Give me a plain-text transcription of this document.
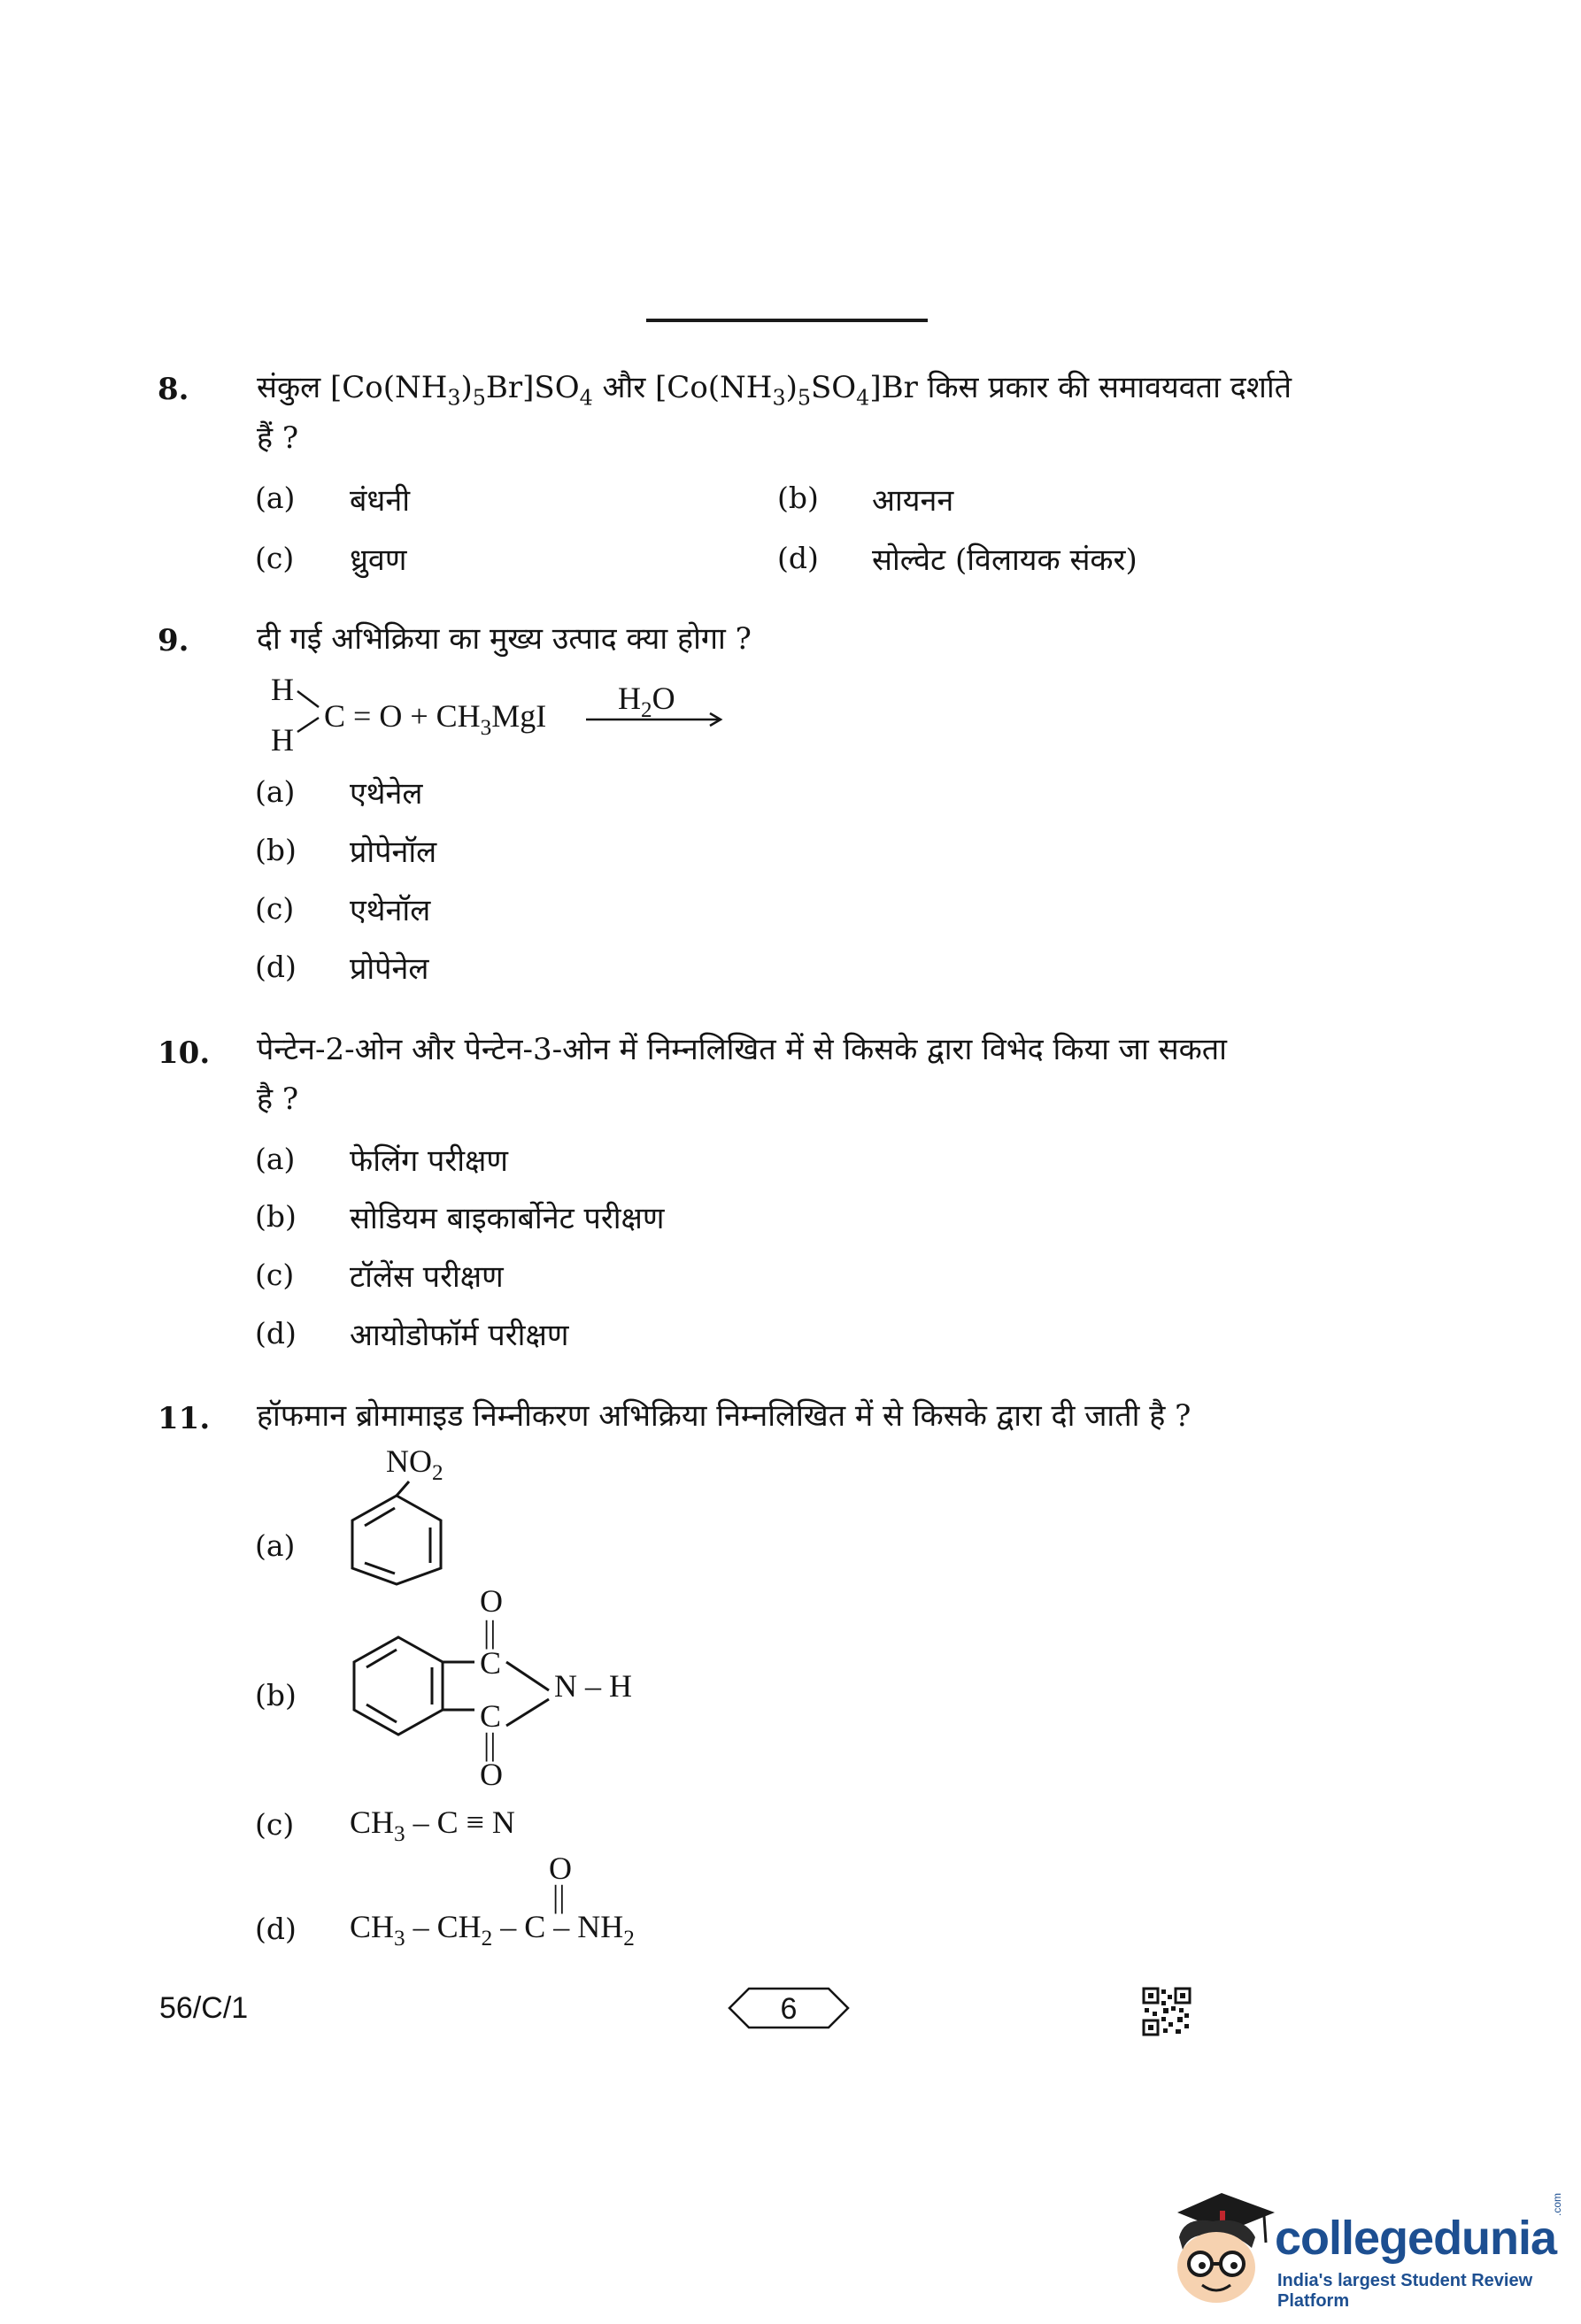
8. संकुल $[Co(NH_3)_5Br]SO_4$ और $[Co(NH_3)_5SO_4]Br$ किस प्रकार की समावयवता दर्शाते
हैं ?
(a) बंधनी	(b) आयनन
(c) ध्रुवण	(d) सोल्वेट (विलायक संकर)
9. दी गई अभिक्रिया का मुख्य उत्पाद क्या होगा ?
H
H
$C = O + CH_3MgI$ $H_2O$
(a) एथेनेल
(b) प्रोपेनॉल
(c) एथेनॉल
(d) प्रोपेनेल
10. पेन्टेन-2-ओन और पेन्टेन-3-ओन में निम्नलिखित में से किसके द्वारा विभेद किया जा सकता
है ?
(a) फेलिंग परीक्षण
(b) सोडियम बाइकार्बोनेट परीक्षण
(c) टॉलेंस परीक्षण
(d) आयोडोफॉर्म परीक्षण
11. हॉफमान ब्रोमामाइड निम्नीकरण अभिक्रिया निम्नलिखित में से किसके द्वारा दी जाती है ?
(a)
$NO_2$
(b)
O
||
C
N – H
C
||
O
(c) $CH_3 - C \equiv N$
O
||
(d) $CH_3 - CH_2$ – C – $NH_2$
56/C/1	6
collegedunia
.com
India's largest Student Review Platform
